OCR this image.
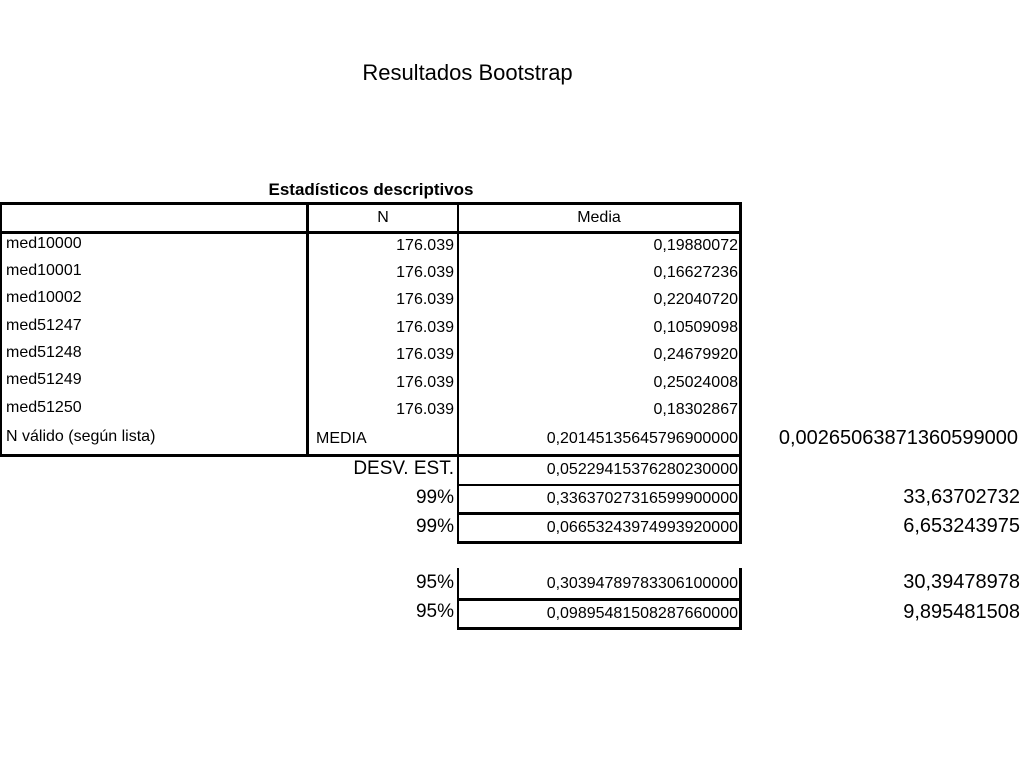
Resultados Bootstrap
Estadísticos descriptivos
N	Media
med10000	176.039	0,19880072
med10001	176.039	0,16627236
med10002	176.039	0,22040720
med51247	176.039	0,10509098
med51248	176.039	0,24679920
med51249	176.039	0,25024008
med51250	176.039	0,18302867
N válido (según lista)	MEDIA	0,20145135645796900000	0,00265063871360599000
DESV. EST.	0,05229415376280230000
99%	0,33637027316599900000	33,63702732
99%	0,06653243974993920000	6,653243975
95%	0,30394789783306100000	30,39478978
95%	0,09895481508287660000	9,895481508
